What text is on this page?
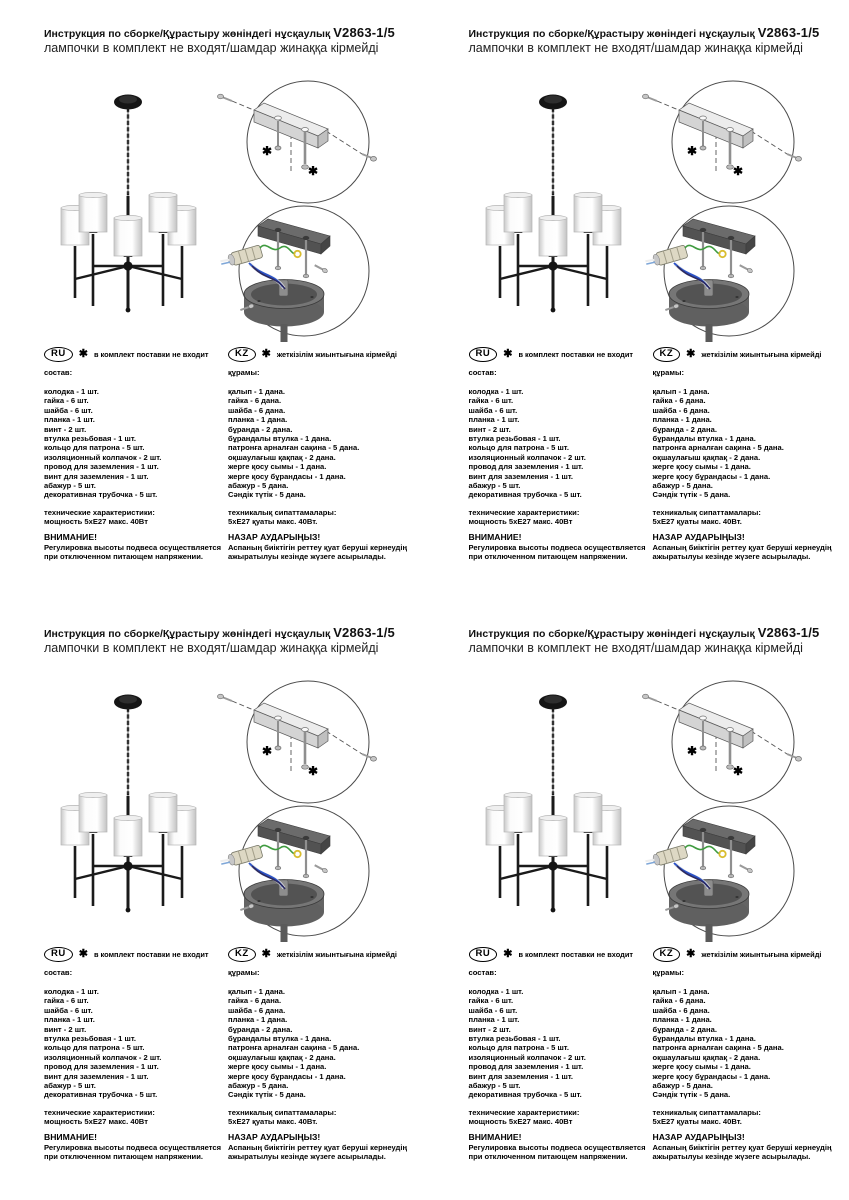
Инструкция по сборке/Құрастыру жөніндегі нұсқаулық V2863-1/5
лампочки в комплект не входят/шамдар жинаққа кірмейді
✱
✱
RU	✱ в комплект поставки не входит
состав:
колодка - 1 шт.
гайка - 6 шт.
шайба - 6 шт.
планка - 1 шт.
винт - 2 шт.
втулка резьбовая - 1 шт.
кольцо для патрона - 5 шт.
изоляционный колпачок - 2 шт.
провод для заземления - 1 шт.
винт для заземления - 1 шт.
абажур - 5 шт.
декоративная трубочка - 5 шт.
технические характеристики:
мощность 5хЕ27 макс. 40Вт
ВНИМАНИЕ!
Регулировка высоты подвеса осуществляется при отключенном питающем напряжении.
KZ	✱ жеткізілім жиынтығына кірмейді
құрамы:
қалып - 1 дана.
гайка - 6 дана.
шайба - 6 дана.
планка - 1 дана.
бұранда - 2 дана.
бұрандалы втулка - 1 дана.
патронға арналған сақина - 5 дана.
оқшаулағыш қақпақ - 2 дана.
жерге қосу сымы - 1 дана.
жерге қосу бұрандасы - 1 дана.
абажур - 5 дана.
Сәндік түтік - 5 дана.
техникалық сипаттамалары:
5хЕ27 қуаты макс. 40Вт.
НАЗАР АУДАРЫҢЫЗ!
Аспаның биіктігін реттеу қуат беруші кернеудің ажыратылуы кезінде жүзеге асырылады.
Инструкция по сборке/Құрастыру жөніндегі нұсқаулық V2863-1/5
лампочки в комплект не входят/шамдар жинаққа кірмейді
✱
✱
RU	✱ в комплект поставки не входит
состав:
колодка - 1 шт.
гайка - 6 шт.
шайба - 6 шт.
планка - 1 шт.
винт - 2 шт.
втулка резьбовая - 1 шт.
кольцо для патрона - 5 шт.
изоляционный колпачок - 2 шт.
провод для заземления - 1 шт.
винт для заземления - 1 шт.
абажур - 5 шт.
декоративная трубочка - 5 шт.
технические характеристики:
мощность 5хЕ27 макс. 40Вт
ВНИМАНИЕ!
Регулировка высоты подвеса осуществляется при отключенном питающем напряжении.
KZ	✱ жеткізілім жиынтығына кірмейді
құрамы:
қалып - 1 дана.
гайка - 6 дана.
шайба - 6 дана.
планка - 1 дана.
бұранда - 2 дана.
бұрандалы втулка - 1 дана.
патронға арналған сақина - 5 дана.
оқшаулағыш қақпақ - 2 дана.
жерге қосу сымы - 1 дана.
жерге қосу бұрандасы - 1 дана.
абажур - 5 дана.
Сәндік түтік - 5 дана.
техникалық сипаттамалары:
5хЕ27 қуаты макс. 40Вт.
НАЗАР АУДАРЫҢЫЗ!
Аспаның биіктігін реттеу қуат беруші кернеудің ажыратылуы кезінде жүзеге асырылады.
Инструкция по сборке/Құрастыру жөніндегі нұсқаулық V2863-1/5
лампочки в комплект не входят/шамдар жинаққа кірмейді
✱
✱
RU	✱ в комплект поставки не входит
состав:
колодка - 1 шт.
гайка - 6 шт.
шайба - 6 шт.
планка - 1 шт.
винт - 2 шт.
втулка резьбовая - 1 шт.
кольцо для патрона - 5 шт.
изоляционный колпачок - 2 шт.
провод для заземления - 1 шт.
винт для заземления - 1 шт.
абажур - 5 шт.
декоративная трубочка - 5 шт.
технические характеристики:
мощность 5хЕ27 макс. 40Вт
ВНИМАНИЕ!
Регулировка высоты подвеса осуществляется при отключенном питающем напряжении.
KZ	✱ жеткізілім жиынтығына кірмейді
құрамы:
қалып - 1 дана.
гайка - 6 дана.
шайба - 6 дана.
планка - 1 дана.
бұранда - 2 дана.
бұрандалы втулка - 1 дана.
патронға арналған сақина - 5 дана.
оқшаулағыш қақпақ - 2 дана.
жерге қосу сымы - 1 дана.
жерге қосу бұрандасы - 1 дана.
абажур - 5 дана.
Сәндік түтік - 5 дана.
техникалық сипаттамалары:
5хЕ27 қуаты макс. 40Вт.
НАЗАР АУДАРЫҢЫЗ!
Аспаның биіктігін реттеу қуат беруші кернеудің ажыратылуы кезінде жүзеге асырылады.
Инструкция по сборке/Құрастыру жөніндегі нұсқаулық V2863-1/5
лампочки в комплект не входят/шамдар жинаққа кірмейді
✱
✱
RU	✱ в комплект поставки не входит
состав:
колодка - 1 шт.
гайка - 6 шт.
шайба - 6 шт.
планка - 1 шт.
винт - 2 шт.
втулка резьбовая - 1 шт.
кольцо для патрона - 5 шт.
изоляционный колпачок - 2 шт.
провод для заземления - 1 шт.
винт для заземления - 1 шт.
абажур - 5 шт.
декоративная трубочка - 5 шт.
технические характеристики:
мощность 5хЕ27 макс. 40Вт
ВНИМАНИЕ!
Регулировка высоты подвеса осуществляется при отключенном питающем напряжении.
KZ	✱ жеткізілім жиынтығына кірмейді
құрамы:
қалып - 1 дана.
гайка - 6 дана.
шайба - 6 дана.
планка - 1 дана.
бұранда - 2 дана.
бұрандалы втулка - 1 дана.
патронға арналған сақина - 5 дана.
оқшаулағыш қақпақ - 2 дана.
жерге қосу сымы - 1 дана.
жерге қосу бұрандасы - 1 дана.
абажур - 5 дана.
Сәндік түтік - 5 дана.
техникалық сипаттамалары:
5хЕ27 қуаты макс. 40Вт.
НАЗАР АУДАРЫҢЫЗ!
Аспаның биіктігін реттеу қуат беруші кернеудің ажыратылуы кезінде жүзеге асырылады.
